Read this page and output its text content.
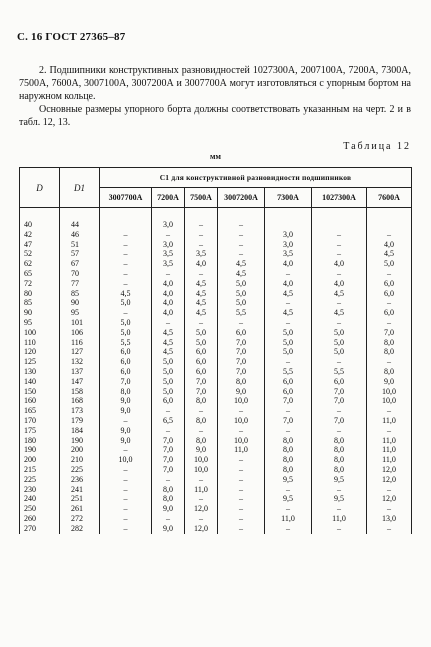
С. 16 ГОСТ 27365–87
2. Подшипники конструктивных разновидностей 1027300А, 2007100А, 7200А, 7300А, 7500А, 7600А, 3007100А, 3007200А и 3007700А могут изготовляться с упорным бортом на наружном кольце.
Основные размеры упорного борта должны соответствовать указанным на черт. 2 и в табл. 12, 13.
Таблица 12
мм
D	D1	C1 для конструктивной разновидности подшипников						
		3007700А	7200А	7500А	3007200А	7300А	1027300А	7600А
40	44		3,0	–	–			
42	46	–	–	–	–	3,0	–	–
47	51	–	3,0	–	–	3,0	–	4,0
52	57	–	3,5	3,5	–	3,5	–	4,5
62	67	–	3,5	4,0	4,5	4,0	4,0	5,0
65	70	–	–	–	4,5	–	–	–
72	77	–	4,0	4,5	5,0	4,0	4,0	6,0
80	85	4,5	4,0	4,5	5,0	4,5	4,5	6,0
85	90	5,0	4,0	4,5	5,0	–	–	–
90	95	–	4,0	4,5	5,5	4,5	4,5	6,0
95	101	5,0	–	–	–	–	–	–
100	106	5,0	4,5	5,0	6,0	5,0	5,0	7,0
110	116	5,5	4,5	5,0	7,0	5,0	5,0	8,0
120	127	6,0	4,5	6,0	7,0	5,0	5,0	8,0
125	132	6,0	5,0	6,0	7,0	–	–	–
130	137	6,0	5,0	6,0	7,0	5,5	5,5	8,0
140	147	7,0	5,0	7,0	8,0	6,0	6,0	9,0
150	158	8,0	5,0	7,0	9,0	6,0	7,0	10,0
160	168	9,0	6,0	8,0	10,0	7,0	7,0	10,0
165	173	9,0	–	–	–	–	–	–
170	179	–	6,5	8,0	10,0	7,0	7,0	11,0
175	184	9,0	–	–	–	–	–	–
180	190	9,0	7,0	8,0	10,0	8,0	8,0	11,0
190	200	–	7,0	9,0	11,0	8,0	8,0	11,0
200	210	10,0	7,0	10,0	–	8,0	8,0	11,0
215	225	–	7,0	10,0	–	8,0	8,0	12,0
225	236	–	–	–	–	9,5	9,5	12,0
230	241	–	8,0	11,0	–	–	–	–
240	251	–	8,0	–	–	9,5	9,5	12,0
250	261	–	9,0	12,0	–	–	–	–
260	272	–	–	–	–	11,0	11,0	13,0
270	282	–	9,0	12,0	–	–	–	–
